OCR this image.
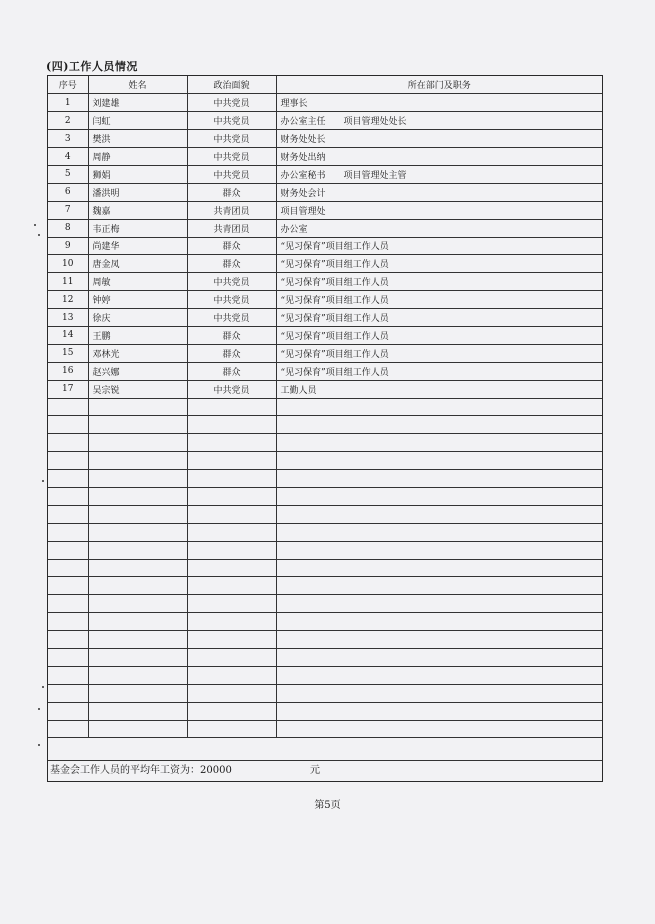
(四)工作人员情况
序号	姓名	政治面貌	所在部门及职务
1	刘建雄	中共党员	理事长
2	闫虹	中共党员	办公室主任　　项目管理处处长
3	樊洪	中共党员	财务处处长
4	周静	中共党员	财务处出纳
5	狮娟	中共党员	办公室秘书　　项目管理处主管
6	潘洪明	群众	财务处会计
7	魏嘉	共青团员	项目管理处
8	韦正梅	共青团员	办公室
9	尚建华	群众	“见习保育”项目组工作人员
10	唐金凤	群众	“见习保育”项目组工作人员
11	周敏	中共党员	“见习保育”项目组工作人员
12	钟婷	中共党员	“见习保育”项目组工作人员
13	徐庆	中共党员	“见习保育”项目组工作人员
14	王鹏	群众	“见习保育”项目组工作人员
15	邓林光	群众	“见习保育”项目组工作人员
16	赵兴娜	群众	“见习保育”项目组工作人员
17	吴宗锐	中共党员	工勤人员

基金会工作人员的平均年工资为：20000	元
第5页
